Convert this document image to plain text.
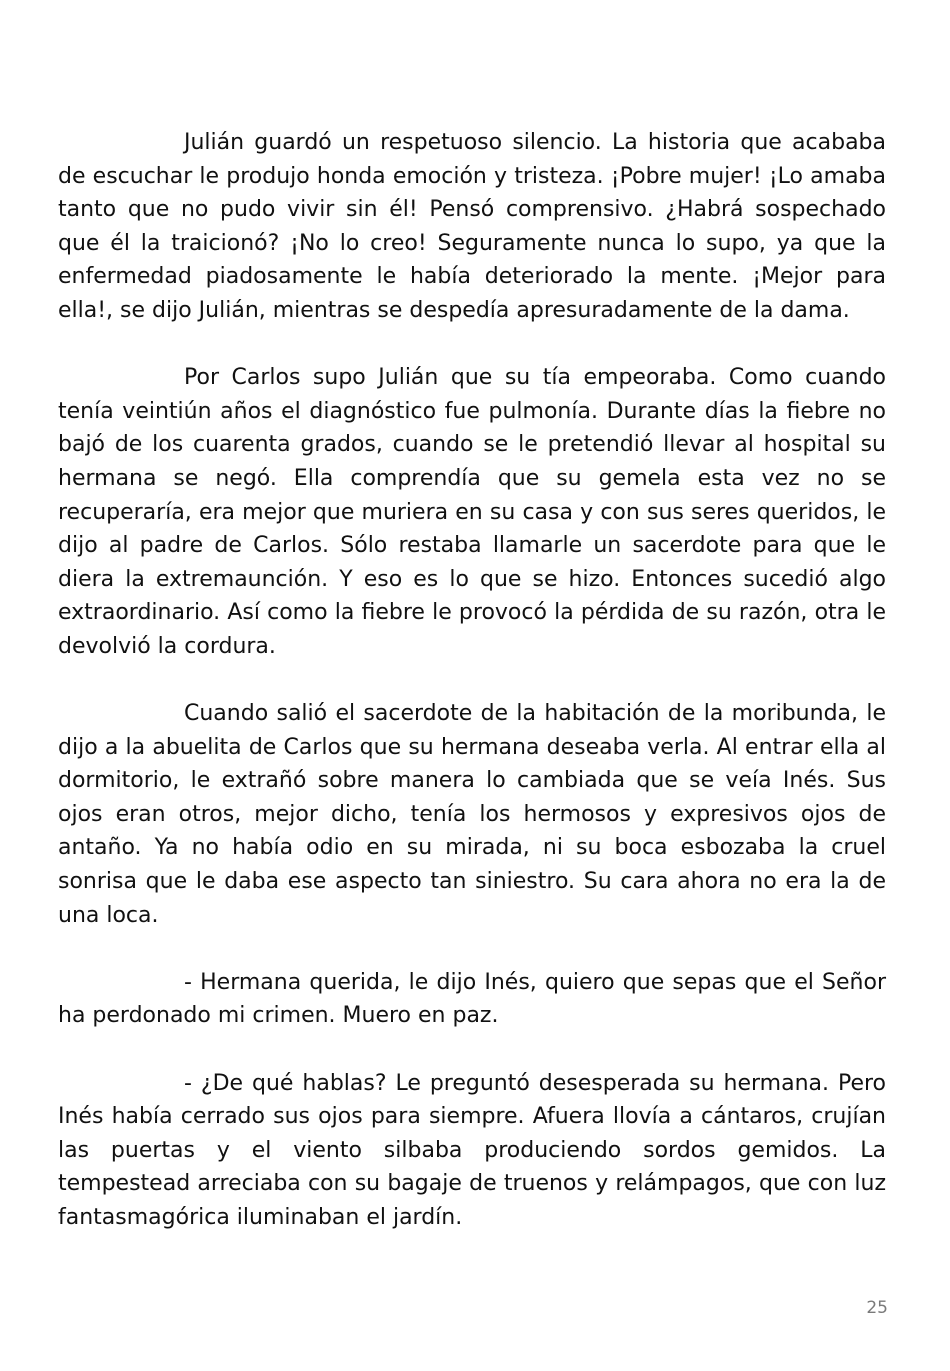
Julián guardó un respetuoso silencio. La historia que acababa de escuchar le produjo honda emoción y tristeza. ¡Pobre mujer! ¡Lo amaba tanto que no pudo vivir sin él! Pensó comprensivo. ¿Habrá sospechado que él la traicionó? ¡No lo creo! Seguramente nunca lo supo, ya que la enfermedad piadosamente le había deteriorado la mente. ¡Mejor para ella!, se dijo Julián, mientras se despedía apresuradamente de la dama.

Por Carlos supo Julián que su tía empeoraba. Como cuando tenía veintiún años el diagnóstico fue pulmonía. Durante días la fiebre no bajó de los cuarenta grados, cuando se le pretendió llevar al hospital su hermana se negó. Ella comprendía que su gemela esta vez no se recuperaría, era mejor que muriera en su casa y con sus seres queridos, le dijo al padre de Carlos. Sólo restaba llamarle un sacerdote para que le diera la extremaunción. Y eso es lo que se hizo. Entonces sucedió algo extraordinario. Así como la fiebre le provocó la pérdida de su razón, otra le devolvió la cordura.

Cuando salió el sacerdote de la habitación de la moribunda, le dijo a la abuelita de Carlos que su hermana deseaba verla. Al entrar ella al dormitorio, le extrañó sobre manera lo cambiada que se veía Inés. Sus ojos eran otros, mejor dicho, tenía los hermosos y expresivos ojos de antaño. Ya no había odio en su mirada, ni su boca esbozaba la cruel sonrisa que le daba ese aspecto tan siniestro. Su cara ahora no era la de una loca.

- Hermana querida, le dijo Inés, quiero que sepas que el Señor ha perdonado mi crimen. Muero en paz.

- ¿De qué hablas? Le preguntó desesperada su hermana. Pero Inés había cerrado sus ojos para siempre. Afuera llovía a cántaros, crujían las puertas y el viento silbaba produciendo sordos gemidos. La tempestead arreciaba con su bagaje de truenos y relámpagos, que con luz fantasmagórica iluminaban el jardín.

25
